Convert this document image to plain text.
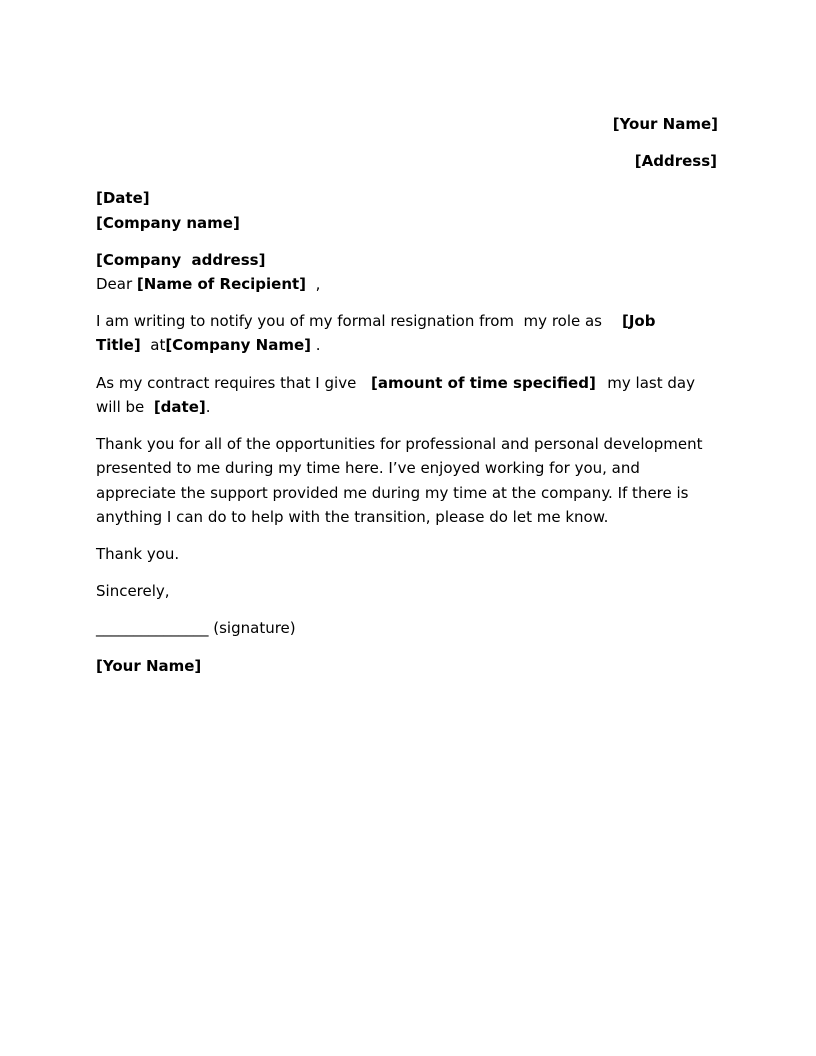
[Your Name]
[Address]
[Date]
[Company name]
[Company  address]
Dear [Name of Recipient]  ,
I am writing to notify you of my formal resignation from  my role as [Job
Title]  at[Company Name] .
As my contract requires that I give [amount of time specified]
my last day
will be  [date].
Thank you for all of the opportunities for professional and personal development
presented to me during my time here. I’ve enjoyed working for you, and
appreciate the support provided me during my time at the company. If there is
anything I can do to help with the transition, please do let me know.
Thank you.
Sincerely,
_______________ (signature)
[Your Name]
